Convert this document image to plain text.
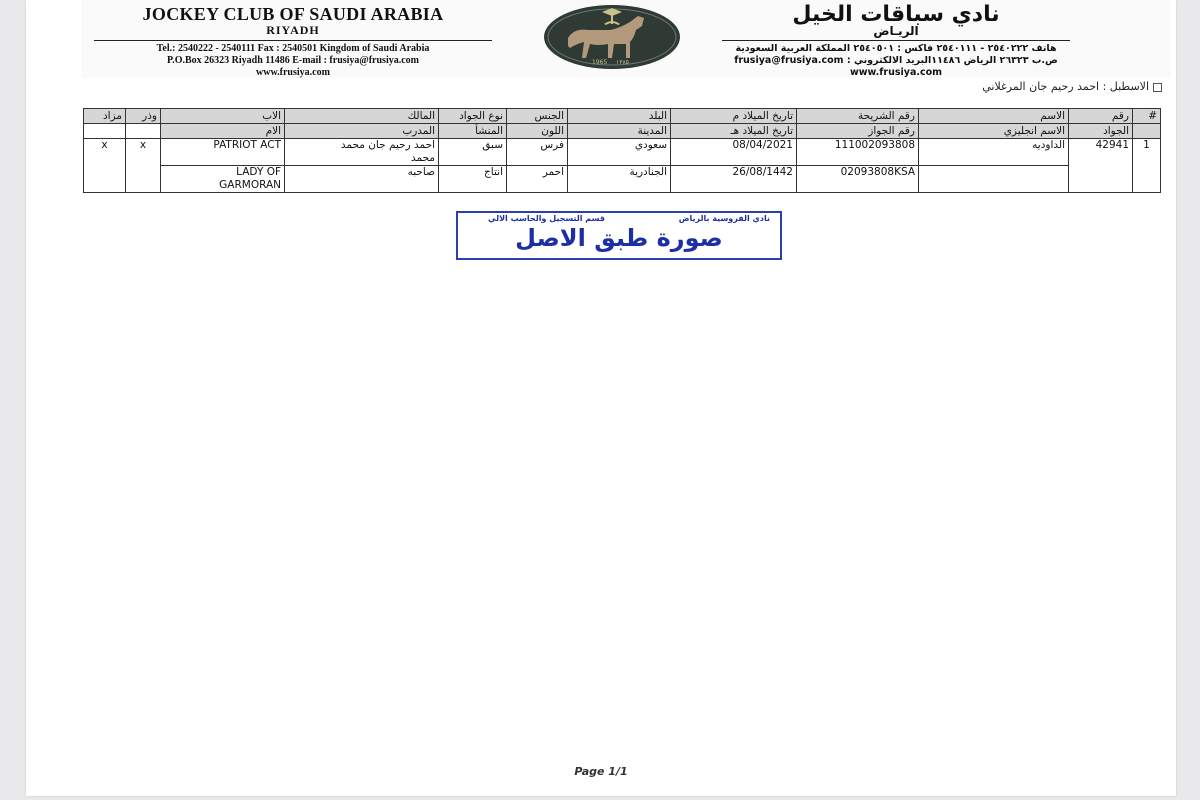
JOCKEY CLUB OF SAUDI ARABIA
RIYADH
Tel.: 2540222 - 2540111 Fax : 2540501 Kingdom of Saudi Arabia
P.O.Box 26323 Riyadh 11486 E-mail : frusiya@frusiya.com
www.frusiya.com
1965 ١٣٨٥
نادي سباقات الخيل
الريـاض
هاتف ٢٥٤٠٢٢٢ - ٢٥٤٠١١١ فاكس : ٢٥٤٠٥٠١ المملكة العربية السعودية
ص.ب ٢٦٣٢٣ الرياض ١١٤٨٦البريد الالكتروني : frusiya@frusiya.com
www.frusiya.com
الاسطبل : احمد رحيم جان المرغلاني
#	رقم	الاسم	رقم الشريحة	تاريخ الميلاد م	البلد	الجنس	نوع الجواد	المالك	الاب	وذر	مزاد
	الجواد	الاسم انجليزي	رقم الجواز	تاريخ الميلاد هـ	المدينة	اللون	المنشأ	المدرب	الام		
1	42941	الداوديه	111002093808	08/04/2021	سعودي	فرس	سبق	احمد رحيم جان محمد
محمد	PATRIOT ACT	x	x
			02093808KSA	26/08/1442	الجنادرية	احمر	انتاج	صاحبه	LADY OF
GARMORAN		
نادي الفروسية بالرياض
قسم التسجيل والحاسب الالي
صورة طبق الاصل
Page 1/1
